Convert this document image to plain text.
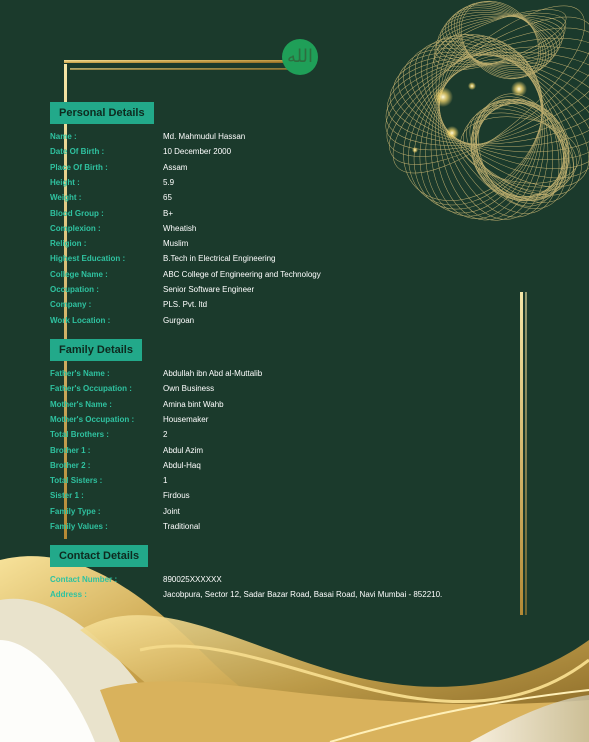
الله
Personal Details
Name :	Md. Mahmudul Hassan
Date Of Birth :	10 December 2000
Place Of Birth :	Assam
Height :	5.9
Weight :	65
Blood Group :	B+
Complexion :	Wheatish
Religion :	Muslim
Highest Education :	B.Tech in Electrical Engineering
College Name :	ABC College of Engineering and Technology
Occupation :	Senior Software Engineer
Company :	PLS. Pvt. ltd
Work Location :	Gurgoan
Family Details
Father's Name :	Abdullah ibn Abd al-Muttalib
Father's Occupation :	Own Business
Mother's Name :	Amina bint Wahb
Mother's Occupation :	Housemaker
Total Brothers :	2
Brother 1 :	Abdul Azim
Brother 2 :	Abdul-Haq
Total Sisters :	1
Sister 1 :	Firdous
Family Type :	Joint
Family Values :	Traditional
Contact Details
Contact Number :	890025XXXXXX
Address :	Jacobpura, Sector 12, Sadar Bazar Road, Basai Road, Navi Mumbai - 852210.
